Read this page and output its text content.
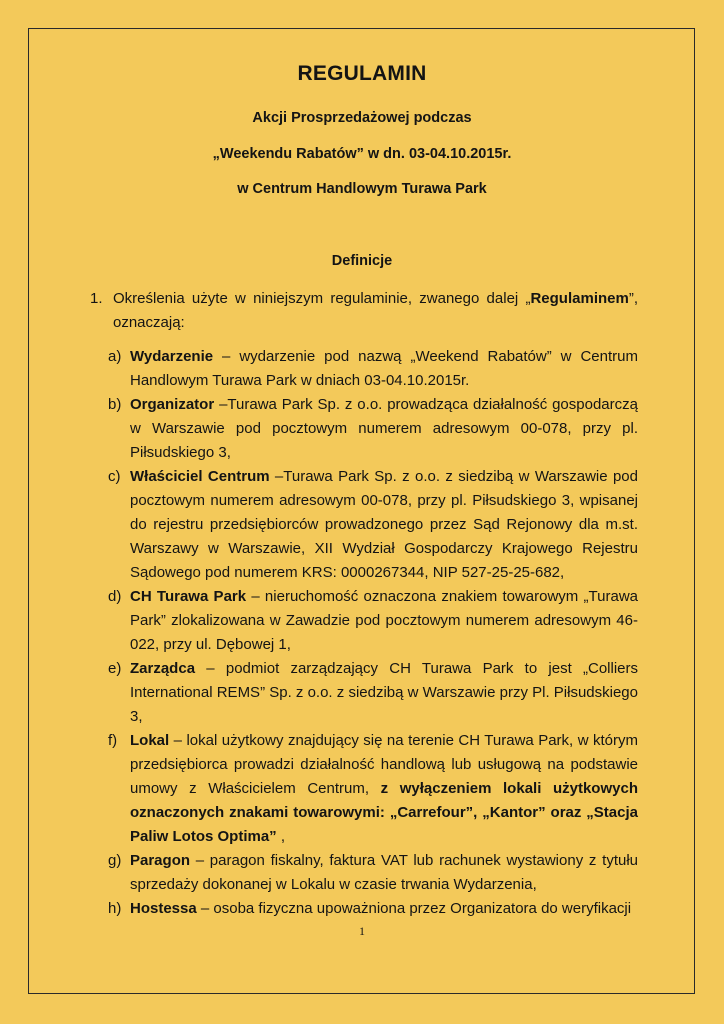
REGULAMIN
Akcji Prosprzedażowej podczas
„Weekendu Rabatów” w dn. 03-04.10.2015r.
w Centrum Handlowym Turawa Park
Definicje
1. Określenia użyte w niniejszym regulaminie, zwanego dalej „Regulaminem”, oznaczają:
a) Wydarzenie – wydarzenie pod nazwą „Weekend Rabatów” w Centrum Handlowym Turawa Park w dniach 03-04.10.2015r.
b) Organizator –Turawa Park Sp. z o.o. prowadząca działalność gospodarczą w Warszawie pod pocztowym numerem adresowym 00-078, przy pl. Piłsudskiego 3,
c) Właściciel Centrum –Turawa Park Sp. z o.o. z siedzibą w Warszawie pod pocztowym numerem adresowym 00-078, przy pl. Piłsudskiego 3, wpisanej do rejestru przedsiębiorców prowadzonego przez Sąd Rejonowy dla m.st. Warszawy w Warszawie, XII Wydział Gospodarczy Krajowego Rejestru Sądowego pod numerem KRS: 0000267344, NIP 527-25-25-682,
d) CH Turawa Park – nieruchomość oznaczona znakiem towarowym „Turawa Park” zlokalizowana w Zawadzie pod pocztowym numerem adresowym 46-022, przy ul. Dębowej 1,
e) Zarządca – podmiot zarządzający CH Turawa Park to jest „Colliers International REMS” Sp. z o.o. z siedzibą w Warszawie przy Pl. Piłsudskiego 3,
f) Lokal – lokal użytkowy znajdujący się na terenie CH Turawa Park, w którym przedsiębiorca prowadzi działalność handlową lub usługową na podstawie umowy z Właścicielem Centrum, z wyłączeniem lokali użytkowych oznaczonych znakami towarowymi: „Carrefour”, „Kantor” oraz „Stacja Paliw Lotos Optima” ,
g) Paragon – paragon fiskalny, faktura VAT lub rachunek wystawiony z tytułu sprzedaży dokonanej w Lokalu w czasie trwania Wydarzenia,
h) Hostessa – osoba fizyczna upoważniona przez Organizatora do weryfikacji
1
